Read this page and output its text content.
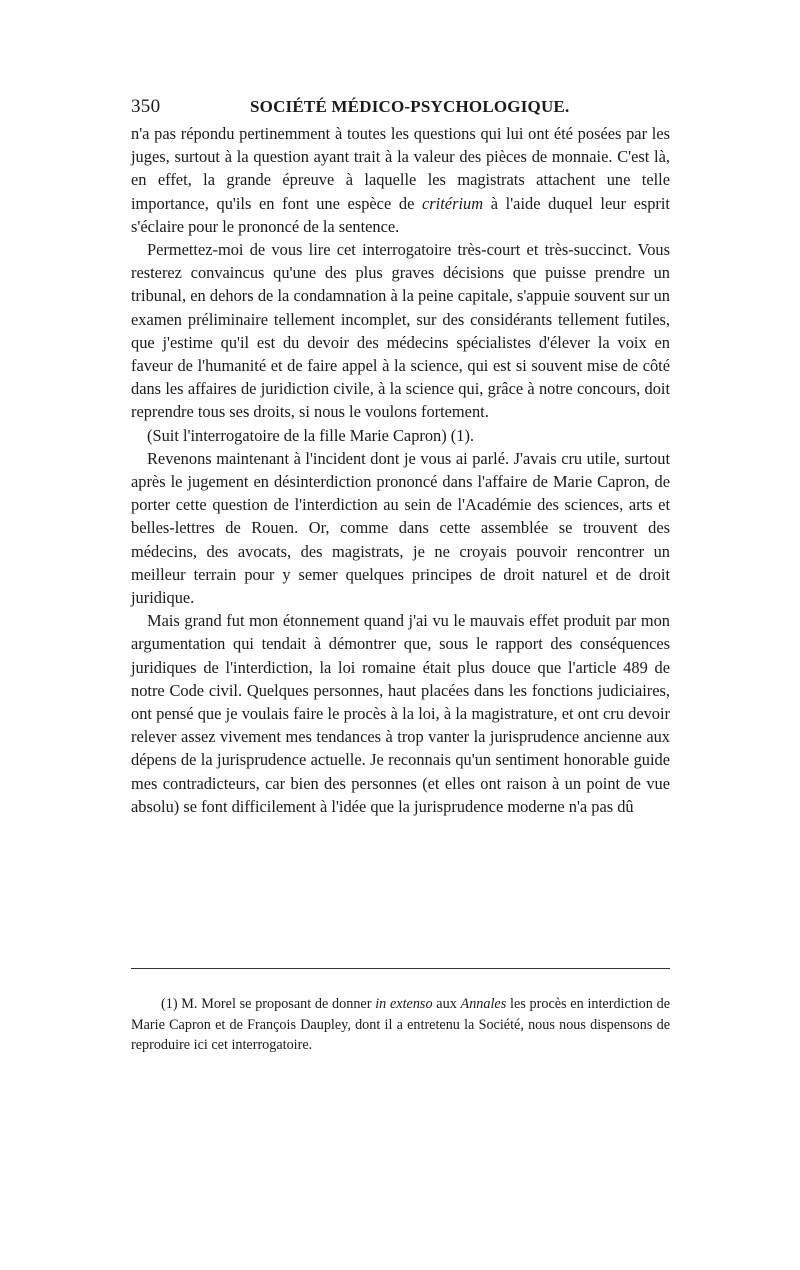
350	SOCIÉTÉ MÉDICO-PSYCHOLOGIQUE.

n'a pas répondu pertinemment à toutes les questions qui lui ont été posées par les juges, surtout à la question ayant trait à la valeur des pièces de monnaie. C'est là, en effet, la grande épreuve à laquelle les magistrats attachent une telle importance, qu'ils en font une espèce de critérium à l'aide duquel leur esprit s'éclaire pour le prononcé de la sentence.

Permettez-moi de vous lire cet interrogatoire très-court et très-succinct. Vous resterez convaincus qu'une des plus graves décisions que puisse prendre un tribunal, en dehors de la condamnation à la peine capitale, s'appuie souvent sur un examen préliminaire tellement incomplet, sur des considérants tellement futiles, que j'estime qu'il est du devoir des médecins spécialistes d'élever la voix en faveur de l'humanité et de faire appel à la science, qui est si souvent mise de côté dans les affaires de juridiction civile, à la science qui, grâce à notre concours, doit reprendre tous ses droits, si nous le voulons fortement.

(Suit l'interrogatoire de la fille Marie Capron) (1).

Revenons maintenant à l'incident dont je vous ai parlé. J'avais cru utile, surtout après le jugement en désinterdiction prononcé dans l'affaire de Marie Capron, de porter cette question de l'interdiction au sein de l'Académie des sciences, arts et belles-lettres de Rouen. Or, comme dans cette assemblée se trouvent des médecins, des avocats, des magistrats, je ne croyais pouvoir rencontrer un meilleur terrain pour y semer quelques principes de droit naturel et de droit juridique.

Mais grand fut mon étonnement quand j'ai vu le mauvais effet produit par mon argumentation qui tendait à démontrer que, sous le rapport des conséquences juridiques de l'interdiction, la loi romaine était plus douce que l'article 489 de notre Code civil. Quelques personnes, haut placées dans les fonctions judiciaires, ont pensé que je voulais faire le procès à la loi, à la magistrature, et ont cru devoir relever assez vivement mes tendances à trop vanter la jurisprudence ancienne aux dépens de la jurisprudence actuelle. Je reconnais qu'un sentiment honorable guide mes contradicteurs, car bien des personnes (et elles ont raison à un point de vue absolu) se font difficilement à l'idée que la jurisprudence moderne n'a pas dû

(1) M. Morel se proposant de donner in extenso aux Annales les procès en interdiction de Marie Capron et de François Daupley, dont il a entretenu la Société, nous nous dispensons de reproduire ici cet interrogatoire.
